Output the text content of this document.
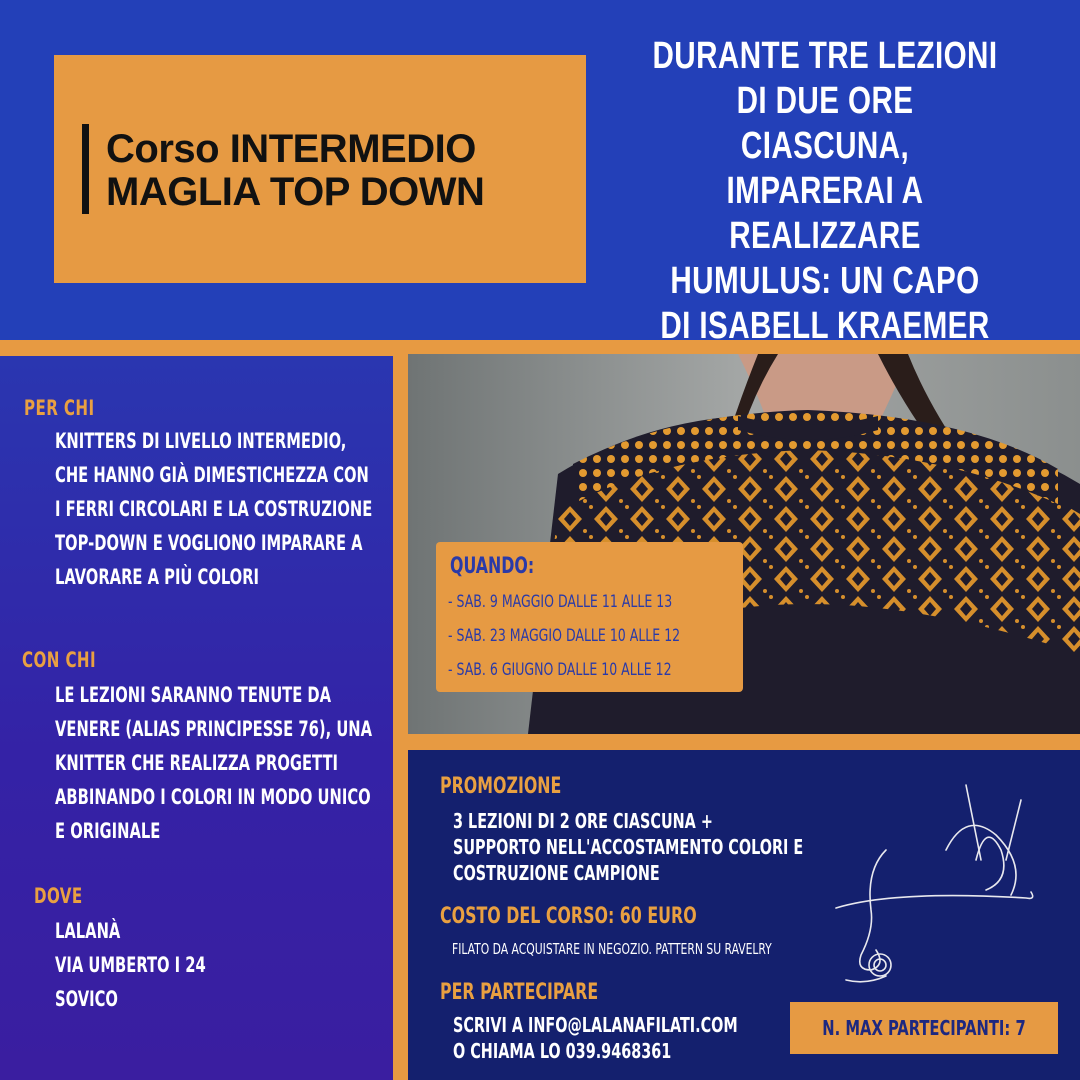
Corso INTERMEDIO
MAGLIA TOP DOWN
DURANTE TRE LEZIONI
DI DUE ORE CIASCUNA,
IMPARERAI A REALIZZARE
HUMULUS: UN CAPO
DI ISABELL KRAEMER
PER CHI
KNITTERS DI LIVELLO INTERMEDIO,
CHE HANNO GIÀ DIMESTICHEZZA CON
I FERRI CIRCOLARI E LA COSTRUZIONE
TOP-DOWN E VOGLIONO IMPARARE A
LAVORARE A PIÙ COLORI
CON CHI
LE LEZIONI SARANNO TENUTE DA
VENERE (ALIAS PRINCIPESSE 76), UNA
KNITTER CHE REALIZZA PROGETTI
ABBINANDO I COLORI IN MODO UNICO
E ORIGINALE
DOVE
LALANÀ
VIA UMBERTO I 24
SOVICO
QUANDO:
- SAB. 9 MAGGIO DALLE 11 ALLE 13
- SAB. 23 MAGGIO DALLE 10 ALLE 12
- SAB. 6 GIUGNO DALLE 10 ALLE 12
PROMOZIONE
3 LEZIONI DI 2 ORE CIASCUNA +
SUPPORTO NELL'ACCOSTAMENTO COLORI E
COSTRUZIONE CAMPIONE
COSTO DEL CORSO: 60 EURO
FILATO DA ACQUISTARE IN NEGOZIO. PATTERN SU RAVELRY
PER PARTECIPARE
SCRIVI A INFO@LALANAFILATI.COM
O CHIAMA LO 039.9468361
N. MAX PARTECIPANTI: 7
